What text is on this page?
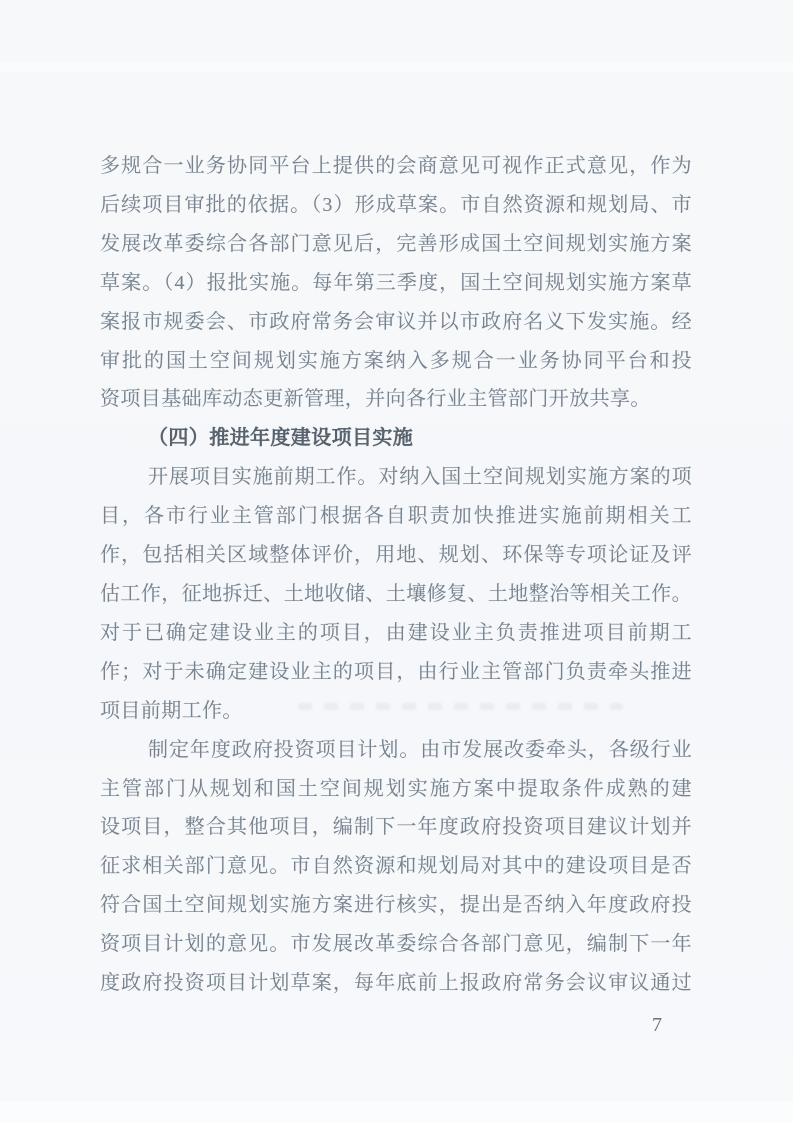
多规合一业务协同平台上提供的会商意见可视作正式意见，作为
后续项目审批的依据。（3）形成草案。市自然资源和规划局、市
发展改革委综合各部门意见后，完善形成国土空间规划实施方案
草案。（4）报批实施。每年第三季度，国土空间规划实施方案草
案报市规委会、市政府常务会审议并以市政府名义下发实施。经
审批的国土空间规划实施方案纳入多规合一业务协同平台和投
资项目基础库动态更新管理，并向各行业主管部门开放共享。
（四）推进年度建设项目实施
开展项目实施前期工作。对纳入国土空间规划实施方案的项
目，各市行业主管部门根据各自职责加快推进实施前期相关工
作，包括相关区域整体评价，用地、规划、环保等专项论证及评
估工作，征地拆迁、土地收储、土壤修复、土地整治等相关工作。
对于已确定建设业主的项目，由建设业主负责推进项目前期工
作；对于未确定建设业主的项目，由行业主管部门负责牵头推进
项目前期工作。
制定年度政府投资项目计划。由市发展改委牵头，各级行业
主管部门从规划和国土空间规划实施方案中提取条件成熟的建
设项目，整合其他项目，编制下一年度政府投资项目建议计划并
征求相关部门意见。市自然资源和规划局对其中的建设项目是否
符合国土空间规划实施方案进行核实，提出是否纳入年度政府投
资项目计划的意见。市发展改革委综合各部门意见，编制下一年
度政府投资项目计划草案，每年底前上报政府常务会议审议通过
7
